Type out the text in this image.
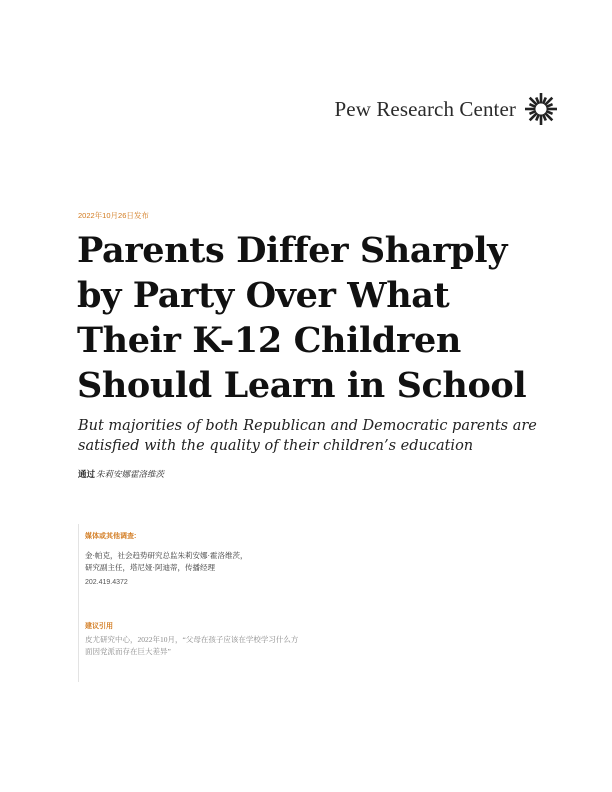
Pew Research Center
2022年10月26日发布
Parents Differ Sharply
by Party Over What
Their K-12 Children
Should Learn in School

But majorities of both Republican and Democratic parents are
satisfied with the quality of their children’s education

通过朱莉安娜霍洛维茨

媒体或其他调查:

金·帕克，社会趋势研究总监朱莉安娜·霍洛维茨，

研究副主任，塔尼娅·阿迪蒂，传播经理

202.419.4372

建议引用

皮尤研究中心，2022年10月，“父母在孩子应该在学校学习什么方

面因党派而存在巨大差异”
